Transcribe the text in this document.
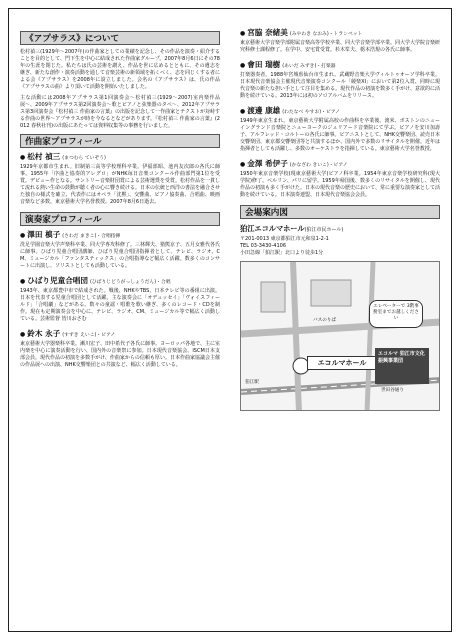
《アプサラス》について

松村禎三(1929年〜2007年)の作曲家としての業績を記念し、その作品を演奏・紹介することを目的として、門下生を中心に結成された作曲家グループ。2007年8月6日にその78年の生涯を閉じた。私たちは氏の芸術を讃え、作品を世に広めるとともに、その遺志を継ぎ、新たな創作・演奏活動を通して音楽芸術の新領域を拓くべく、志を同じくする者による会《アプサラス》を2008年に設立しました。会名の《アプサラス》は、氏の作品《アプサラスの曲》より頂いて活動を開始いたしました。

主な活動には2008年アプサラス第1回演奏会〜松村禎三(1929〜2007)室内楽作品展〜、2009年アプサラス第2回演奏会〜歌とピアノと弦楽器のタベ〜、2012年アプサラス第3回演奏会『松村禎三 作曲家の言葉』の出版を記念して一作曲家とテクストが対峙する作曲の世界〜アプサラスが時を今なるとなどがあります。『松村禎三 作曲家の言葉』(2012 春秋社刊)の出版にあたっては資料収集等の事務を行いました。

作曲家プロフィール
● 松村 禎三 (まつむら ていぞう)

1929年京都市生まれ。旧制第三高等学校理科卒業。伊福部昭、池内友次郎の各氏に師事。1955年「序曲と協奏的アレグロ」がNHK毎日音楽コンクール作曲部門第1位を受賞。デビュー作となる。サントリー音楽財団賞による芸術選奨を受賞。松村作品を一貫して流れる熱い生命の鼓動が聴く者の心に響き続ける。日本の伝統と西洋の書法を融合させた独自の様式を確立、代表作にはオペラ「沈黙」、交響曲、ピアノ協奏曲、合唱曲、映画音楽など多数。東京藝術大学名誉教授。2007年8月6日逝去。

演奏家プロフィール
● 澤田 槙子 (さわだ まきこ)・合唱指揮

洗足学園音楽大学声楽科卒業、同大学専攻科修了。三林輝夫、猪熊京子、五月女雅代各氏に師事。ひばり児童合唱団講師、ひばり児童合唱団指揮者として、テレビ、ラジオ、CM、ミュージカル「ファンタスティックス」の合唱指導など幅広く活躍。数多くのコンサートに出演し、ソリストとしても活動している。

● ひばり児童合唱団 (ひばりじどうがっしょうだん)・合唱

1943年、東京都豊中市で結成された。戦後、NHKやTBS、日本テレビ等の番組に出演。日本を代表する児童合唱団として活躍。主な演奏会に「オデュッセイ」「ヴォイスフィールド」「合唱劇」などがある。数々の童謡・唱歌を歌い継ぎ、多くのレコード・CDを制作。現在も定期演奏会を中心に、テレビ、ラジオ、CM、ミュージカル等で幅広く活動している。芸術監督 皆川おさむ

● 鈴木 永子 (すずき えいこ)・ピアノ

東京藝術大学器楽科卒業。瀬川宏子、田中希代子各氏に師事。ヨーロッパ各地で、主に室内楽を中心に演奏活動を行い、国内外の音楽祭に参加。日本現代音楽協会、ISCM日本支部会員。現代作品の初演を多数手がけ、作曲家からの信頼も厚い。日本作曲家協議会主催の作品展への出演、NHK交響楽団との共演など、幅広く活動している。

● 宮脇 奈緒美 (みやわき なおみ)・トランペット

東京藝術大学音楽学部附属音楽高等学校卒業、同大学音楽学部卒業。同大学大学院音楽研究科修士課程修了。在学中、安宅賞受賞。杉木峯夫、栃本浩規の各氏に師事。

● 會田 瑞樹 (あいだ みずき)・打楽器

打楽器奏者。1988年宮城県仙台市生まれ。武蔵野音楽大学ヴィルトゥオーソ学科卒業。日本現代音楽協会主催現代音楽演奏コンクール「競楽XI」において第2位入賞、同時に現代音楽の新たな担い手として注目を集める。現代作品の初演を数多く手がけ、意欲的に活動を続けている。2013年には初のソロアルバムをリリース。

● 渡邊 康雄 (わたなべ やすお)・ピアノ

1949年東京生まれ。東京藝術大学附属高校の作曲科を卒業後、渡米、ボストンのニューイングランド音楽院とニューヨークのジュリアード音楽院にて学ぶ。ピアノを安川加壽子、アルフレッド・コルトーの各氏に師事。ピアニストとして、NHK交響楽団、読売日本交響楽団、東京都交響楽団等と共演するほか、国内外で多数のリサイタルを開催。近年は指揮者としても活躍し、多数のオーケストラを指揮している。東京藝術大学名誉教授。

● 金澤 希伊子 (かなざわ きいこ)・ピアノ

1950年東京音楽学校(現東京藝術大学)ピアノ科卒業。1954年東京音楽学校研究科(現大学院)修了。ベルリン、パリに留学。1959年帰国後、数多くのリサイタルを開催し、現代作品の初演も多く手がけた。日本の現代音楽の歴史において、常に重要な演奏家として活動を続けている。日本演奏連盟、日本現代音楽協会会員。

会場案内図
狛江エコルマホール(狛江市民ホール)
〒201-0013 東京都狛江市元和泉1-2-1
TEL 03-3430-4106
小田急線「狛江駅」北口より徒歩1分
狛江駅
世田谷通り
バスのりば
エコルマホール
エコルマ 狛江市文化振興事業団
エレベーターで 3階事務室までお越しください
